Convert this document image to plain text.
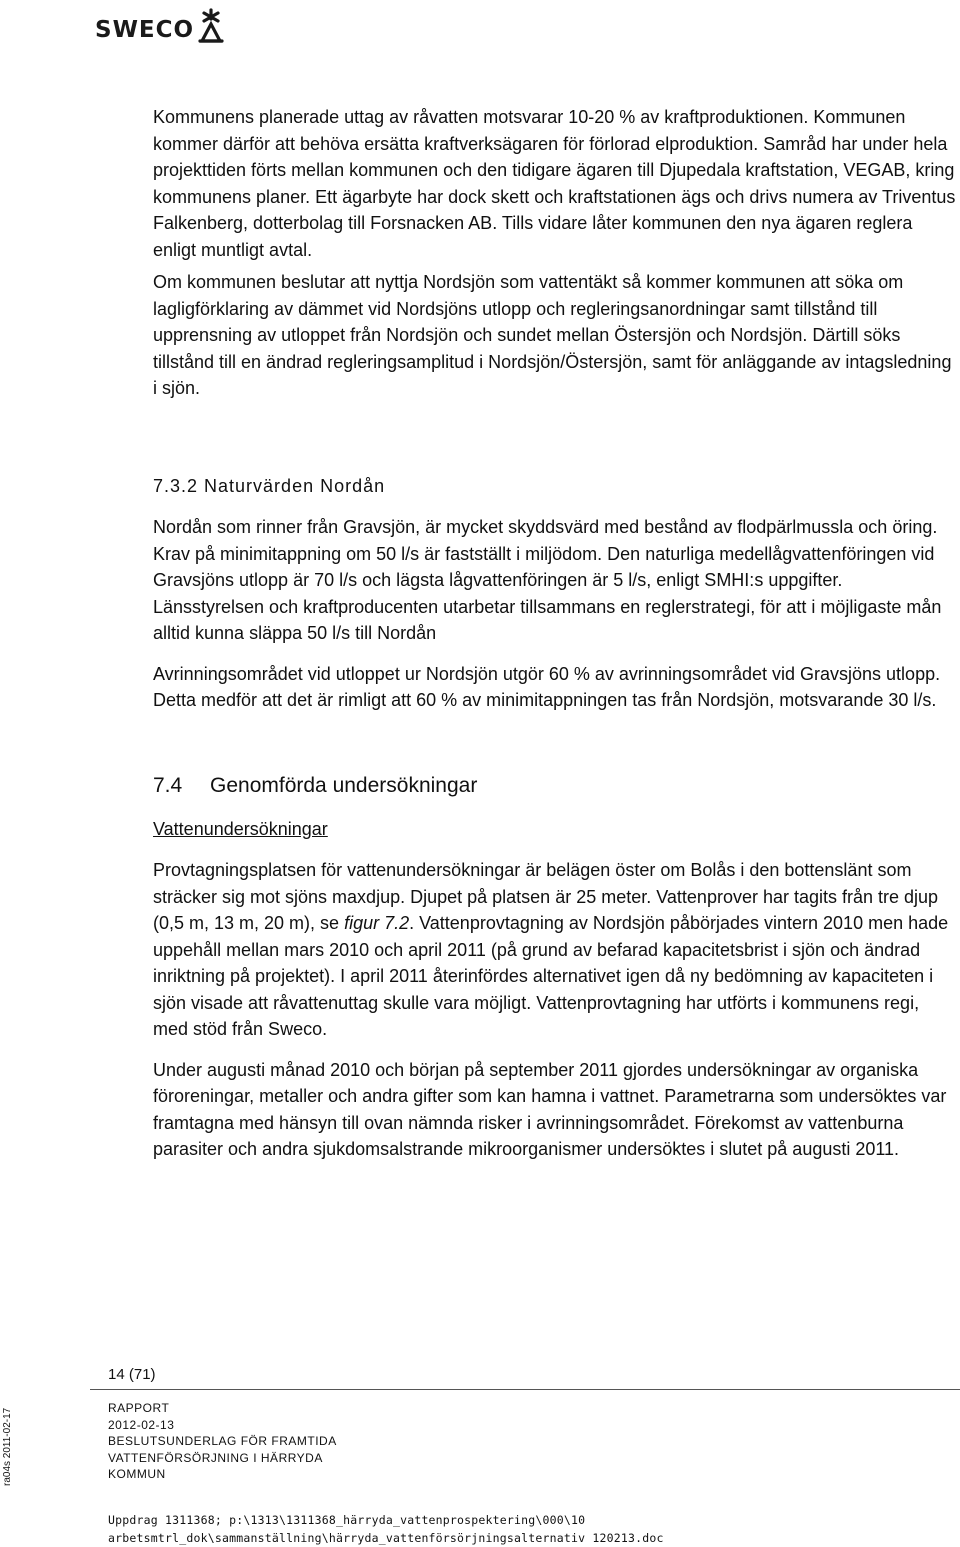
SWECO

Kommunens planerade uttag av råvatten motsvarar 10-20 % av kraftproduktionen. Kommunen kommer därför att behöva ersätta kraftverksägaren för förlorad elproduktion. Samråd har under hela projekttiden förts mellan kommunen och den tidigare ägaren till Djupedala kraftstation, VEGAB, kring kommunens planer. Ett ägarbyte har dock skett och kraftstationen ägs och drivs numera av Triventus Falkenberg, dotterbolag till Forsnacken AB. Tills vidare låter kommunen den nya ägaren reglera enligt muntligt avtal.

Om kommunen beslutar att nyttja Nordsjön som vattentäkt så kommer kommunen att söka om lagligförklaring av dämmet vid Nordsjöns utlopp och regleringsanordningar samt tillstånd till upprensning av utloppet från Nordsjön och sundet mellan Östersjön och Nordsjön. Därtill söks tillstånd till en ändrad regleringsamplitud i Nordsjön/Östersjön, samt för anläggande av intagsledning i sjön.

7.3.2 Naturvärden Nordån

Nordån som rinner från Gravsjön, är mycket skyddsvärd med bestånd av flodpärlmussla och öring. Krav på minimitappning om 50 l/s är fastställt i miljödom. Den naturliga medellågvattenföringen vid Gravsjöns utlopp är 70 l/s och lägsta lågvattenföringen är 5 l/s, enligt SMHI:s uppgifter. Länsstyrelsen och kraftproducenten utarbetar tillsammans en reglerstrategi, för att i möjligaste mån alltid kunna släppa 50 l/s till Nordån

Avrinningsområdet vid utloppet ur Nordsjön utgör 60 % av avrinningsområdet vid Gravsjöns utlopp. Detta medför att det är rimligt att 60 % av minimitappningen tas från Nordsjön, motsvarande 30 l/s.

7.4	Genomförda undersökningar
Vattenundersökningar

Provtagningsplatsen för vattenundersökningar är belägen öster om Bolås i den bottenslänt som sträcker sig mot sjöns maxdjup. Djupet på platsen är 25 meter. Vattenprover har tagits från tre djup (0,5 m, 13 m, 20 m), se figur 7.2. Vattenprovtagning av Nordsjön påbörjades vintern 2010 men hade uppehåll mellan mars 2010 och april 2011 (på grund av befarad kapacitetsbrist i sjön och ändrad inriktning på projektet). I april 2011 återinfördes alternativet igen då ny bedömning av kapaciteten i sjön visade att råvattenuttag skulle vara möjligt. Vattenprovtagning har utförts i kommunens regi, med stöd från Sweco.

Under augusti månad 2010 och början på september 2011 gjordes undersökningar av organiska föroreningar, metaller och andra gifter som kan hamna i vattnet. Parametrarna som undersöktes var framtagna med hänsyn till ovan nämnda risker i avrinningsområdet. Förekomst av vattenburna parasiter och andra sjukdomsalstrande mikroorganismer undersöktes i slutet på augusti 2011.

14 (71)
ra04s 2011-02-17	RAPPORT
2012-02-13
BESLUTSUNDERLAG FÖR FRAMTIDA
VATTENFÖRSÖRJNING I HÄRRYDA
KOMMUN
Uppdrag 1311368; p:\1313\1311368_härryda_vattenprospektering\000\10
arbetsmtrl_dok\sammanställning\härryda_vattenförsörjningsalternativ 120213.doc
